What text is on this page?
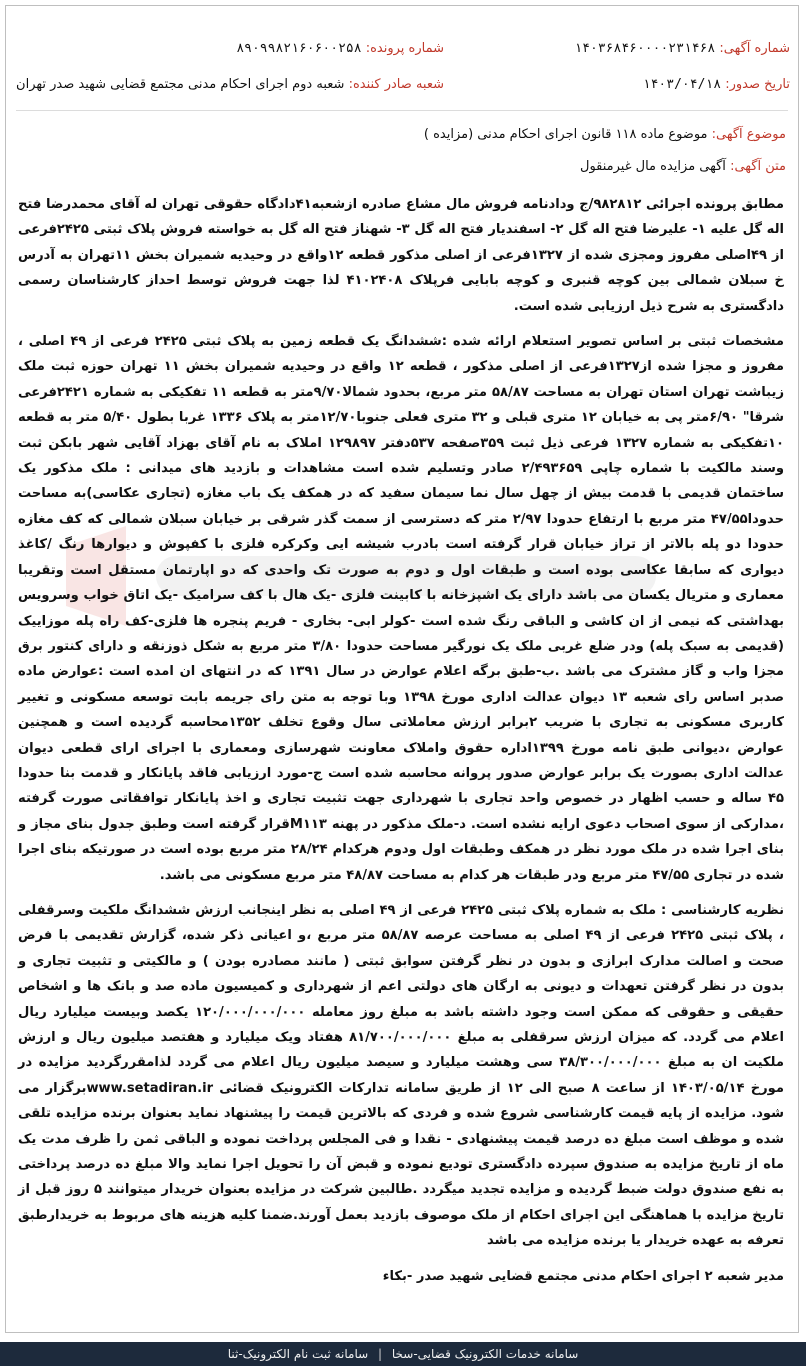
شماره آگهی: ۱۴۰۳۶۸۴۶۰۰۰۰۲۳۱۴۶۸
شماره پرونده: ۸۹۰۹۹۸۲۱۶۰۶۰۰۲۵۸
تاریخ صدور: ۱۴۰۳/۰۴/۱۸
شعبه صادر کننده: شعبه دوم اجرای احکام مدنی مجتمع قضایی شهید صدر تهران
موضوع آگهی: موضوع ماده ۱۱۸ قانون اجرای احکام مدنی (مزایده )
متن آگهی: آگهی مزایده مال غیرمنقول

مطابق پرونده اجرائی ۹۸۲۸۱۲/ج ودادنامه فروش مال مشاع صادره ازشعبه۴۱دادگاه حقوقی تهران له آقای محمدرضا فتح اله گل علیه ۱- علیرضا فتح اله گل ۲- اسفندیار فتح اله گل ۳- شهناز فتح اله گل به خواسته فروش پلاک ثبتی ۲۴۲۵فرعی از ۴۹اصلی مفروز ومجزی شده از ۱۳۲۷فرعی از اصلی مذکور قطعه ۱۲واقع در وحیدیه شمیران بخش ۱۱تهران به آدرس خ سبلان شمالی بین کوچه قنبری و کوچه بابایی فرپلاک ۴۱۰۲۴۰۸ لذا جهت فروش توسط احداز کارشناسان رسمی دادگستری به شرح ذیل ارزیابی شده است.

مشخصات ثبتی بر اساس تصویر استعلام ارائه شده :ششدانگ یک قطعه زمین به پلاک ثبتی ۲۴۲۵ فرعی از ۴۹ اصلی ، مفروز و مجزا شده از۱۳۲۷فرعی از اصلی مذکور ، قطعه ۱۲ واقع در وحیدیه شمیران بخش ۱۱ تهران حوزه ثبت ملک زیباشت تهران استان تهران به مساحت ۵۸/۸۷ متر مربع، بحدود شمالا۹/۷۰متر به قطعه ۱۱ تفکیکی به شماره ۲۴۲۱فرعی شرقا" ۶/۹۰متر پی به خیابان ۱۲ متری قبلی و ۳۲ متری فعلی جنوبا۱۲/۷۰متر به پلاک ۱۳۳۶ غربا بطول ۵/۴۰ متر به قطعه ۱۰تفکیکی به شماره ۱۳۲۷ فرعی ذیل ثبت ۳۵۹صفحه ۵۳۷دفتر ۱۲۹۸۹۷ املاک به نام آقای بهزاد آقایی شهر بابکن ثبت وسند مالکیت با شماره چاپی ۲/۴۹۳۶۵۹ صادر وتسلیم شده است مشاهدات و بازدید های میدانی : ملک مذکور یک ساختمان قدیمی با قدمت بیش از چهل سال نما سیمان سفید که در همکف یک باب مغازه (تجاری عکاسی)به مساحت حدودا۴۷/۵۵ متر مربع با ارتفاع حدودا ۲/۹۷ متر که دسترسی از سمت گذر شرقی بر خیابان سبلان شمالی که کف مغازه حدودا دو پله بالاتر از تراز خیابان قرار گرفته است بادرب شیشه ایی وکرکره فلزی با کفپوش و دیوارها رنگ /کاغذ دیواری که سابقا عکاسی بوده است و طبقات اول و دوم به صورت تک واحدی که دو اپارتمان مستقل است وتقریبا معماری و متریال یکسان می باشد دارای یک اشپزخانه با کابینت فلزی -یک هال با کف سرامیک -یک اتاق خواب وسرویس بهداشتی که نیمی از ان کاشی و الباقی رنگ شده است -کولر ابی- بخاری - فریم پنجره ها فلزی-کف راه پله موزاییک (قدیمی به سبک پله) ودر ضلع غربی ملک یک نورگیر مساحت حدودا ۳/۸۰ متر مربع به شکل ذوزنقه و دارای کنتور برق مجزا واب و گاز مشترک می باشد .ب-طبق برگه اعلام عوارض در سال ۱۳۹۱ که در انتهای ان امده است :عوارض ماده صدبر اساس رای شعبه ۱۳ دیوان عدالت اداری مورخ ۱۳۹۸ وبا توجه به متن رای جریمه بابت توسعه مسکونی و تغییر کاربری مسکونی به تجاری با ضریب ۲برابر ارزش معاملاتی سال وقوع تخلف ۱۳۵۲محاسبه گردیده است و همچنین عوارض ،دیوانی طبق نامه مورخ ۱۳۹۹اداره حقوق واملاک معاونت شهرسازی ومعماری با اجرای ارای قطعی دیوان عدالت اداری بصورت یک برابر عوارض صدور پروانه محاسبه شده است ج-مورد ارزیابی فاقد پایانکار و قدمت بنا حدودا ۴۵ ساله و حسب اظهار در خصوص واحد تجاری با شهرداری جهت تثبیت تجاری و اخذ پایانکار توافقاتی صورت گرفته ،مدارکی از سوی اصحاب دعوی ارایه نشده است. د-ملک مذکور در پهنه M۱۱۳قرار گرفته است وطبق جدول بنای مجاز و بنای اجرا شده در ملک مورد نظر در همکف وطبقات اول ودوم هرکدام ۲۸/۲۴ متر مربع بوده است در صورتیکه بنای اجرا شده در تجاری ۴۷/۵۵ متر مربع ودر طبقات هر کدام به مساحت ۴۸/۸۷ متر مربع مسکونی می باشد.

نظریه کارشناسی : ملک به شماره پلاک ثبتی ۲۴۲۵ فرعی از ۴۹ اصلی به نظر اینجانب ارزش ششدانگ ملکیت وسرقفلی ، پلاک ثبتی ۲۴۲۵ فرعی از ۴۹ اصلی به مساحت عرصه ۵۸/۸۷ متر مربع ،و اعیانی ذکر شده، گزارش تقدیمی با فرض صحت و اصالت مدارک ابرازی و بدون در نظر گرفتن سوابق ثبتی ( مانند مصادره بودن ) و مالکیتی و تثبیت تجاری و بدون در نظر گرفتن تعهدات و دیونی به ارگان های دولتی اعم از شهرداری و کمیسیون ماده صد و بانک ها و اشخاص حقیقی و حقوقی که ممکن است وجود داشته باشد به مبلغ روز معامله ۱۲۰/۰۰۰/۰۰۰/۰۰۰ یکصد وبیست میلیارد ریال اعلام می گردد. که میزان ارزش سرقفلی به مبلغ ۸۱/۷۰۰/۰۰۰/۰۰۰ هفتاد ویک میلیارد و هفتصد میلیون ریال و ارزش ملکیت ان به مبلغ ۳۸/۳۰۰/۰۰۰/۰۰۰ سی وهشت میلیارد و سیصد میلیون ریال اعلام می گردد لذامقررگردید مزایده در مورخ ۱۴۰۳/۰۵/۱۴ از ساعت ۸ صبح الی ۱۲ از طریق سامانه تداركات الکترونیک قضائی www.setadiran.irبرگزار می شود. مزایده از پایه قیمت کارشناسی شروع شده و فردی که بالاترین قیمت را پیشنهاد نماید بعنوان برنده مزایده تلقی شده و موظف است مبلغ ده درصد قیمت پیشنهادی - نقدا و فی المجلس پرداخت نموده و الباقی ثمن را ظرف مدت یک ماه از تاریخ مزایده به صندوق سپرده دادگستری تودیع نموده و قبض آن را تحویل اجرا نماید والا مبلغ ده درصد پرداختی به نفع صندوق دولت ضبط گردیده و مزایده تجدید میگردد .طالبین شرکت در مزایده بعنوان خریدار میتوانند ۵ روز قبل از تاریخ مزایده با هماهنگی این اجرای احکام از ملک موصوف بازدید بعمل آورند.ضمنا کلیه هزینه های مربوط به خریدارطبق تعرفه به عهده خریدار یا برنده مزایده می باشد

مدیر شعبه ۲ اجرای احکام مدنی مجتمع قضایی شهید صدر -بکاء

سامانه خدمات الکترونیک قضایی-سخا | سامانه ثبت نام الکترونیک-ثنا
